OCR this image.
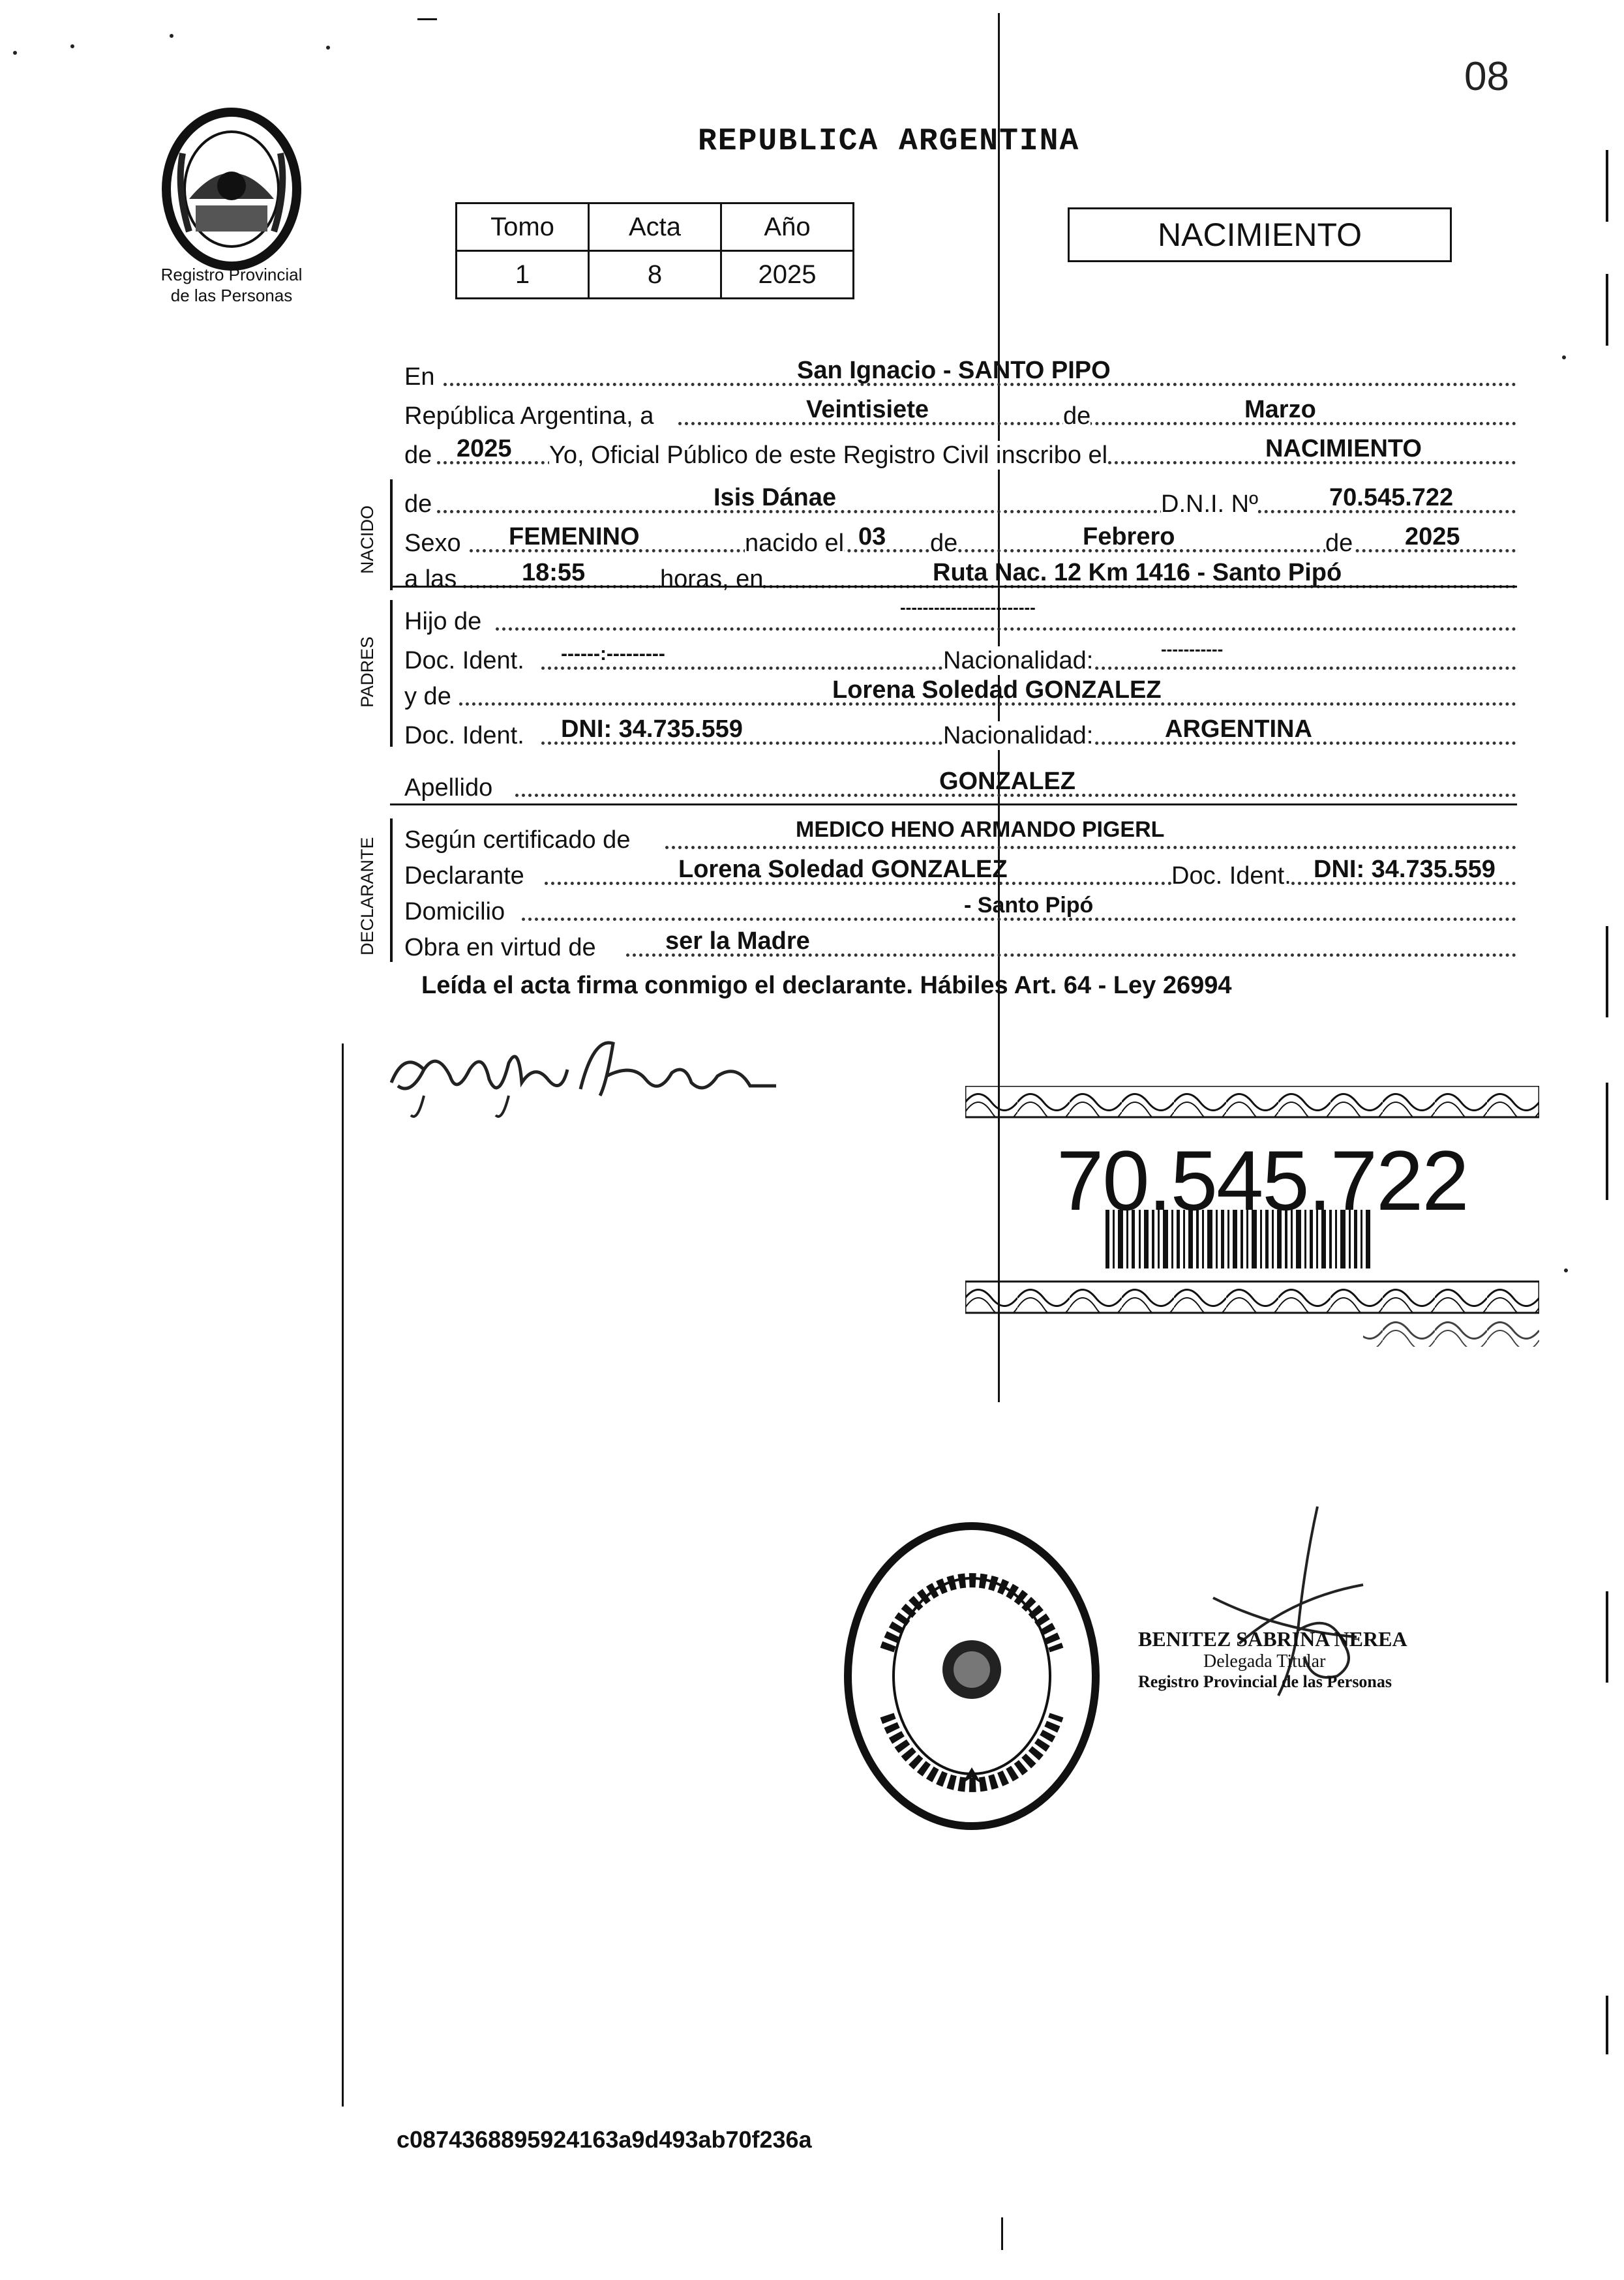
08
REPUBLICA ARGENTINA
Registro Provincial
de las Personas
Tomo	Acta	Año
1	8	2025
NACIMIENTO
En	San Ignacio - SANTO PIPO
República Argentina, a	Veintisiete	de	Marzo
de 2025 Yo, Oficial Público de este Registro Civil inscribo el	NACIMIENTO
NACIDO
de	Isis Dánae	D.N.I. Nº	70.545.722
Sexo FEMENINO	nacido el 03 de	Febrero	de 2025
a las	18:55	horas, en	Ruta Nac. 12 Km 1416 - Santo Pipó
PADRES
Hijo de
------------------------
Doc. Ident. ------:---------	Nacionalidad:	-----------
y de	Lorena Soledad GONZALEZ
Doc. Ident. DNI: 34.735.559	Nacionalidad:	ARGENTINA
Apellido	GONZALEZ
DECLARANTE Según certificado de	MEDICO HENO ARMANDO PIGERL
Declarante	Lorena Soledad GONZALEZ	Doc. Ident. DNI: 34.735.559
Domicilio	- Santo Pipó
Obra en virtud de	ser la Madre
Leída el acta firma conmigo el declarante. Hábiles Art. 64 - Ley 26994
70.545.722
BENITEZ SABRINA NEREA
Delegada Titular
Registro Provincial de las Personas
c0874368895924163a9d493ab70f236a
